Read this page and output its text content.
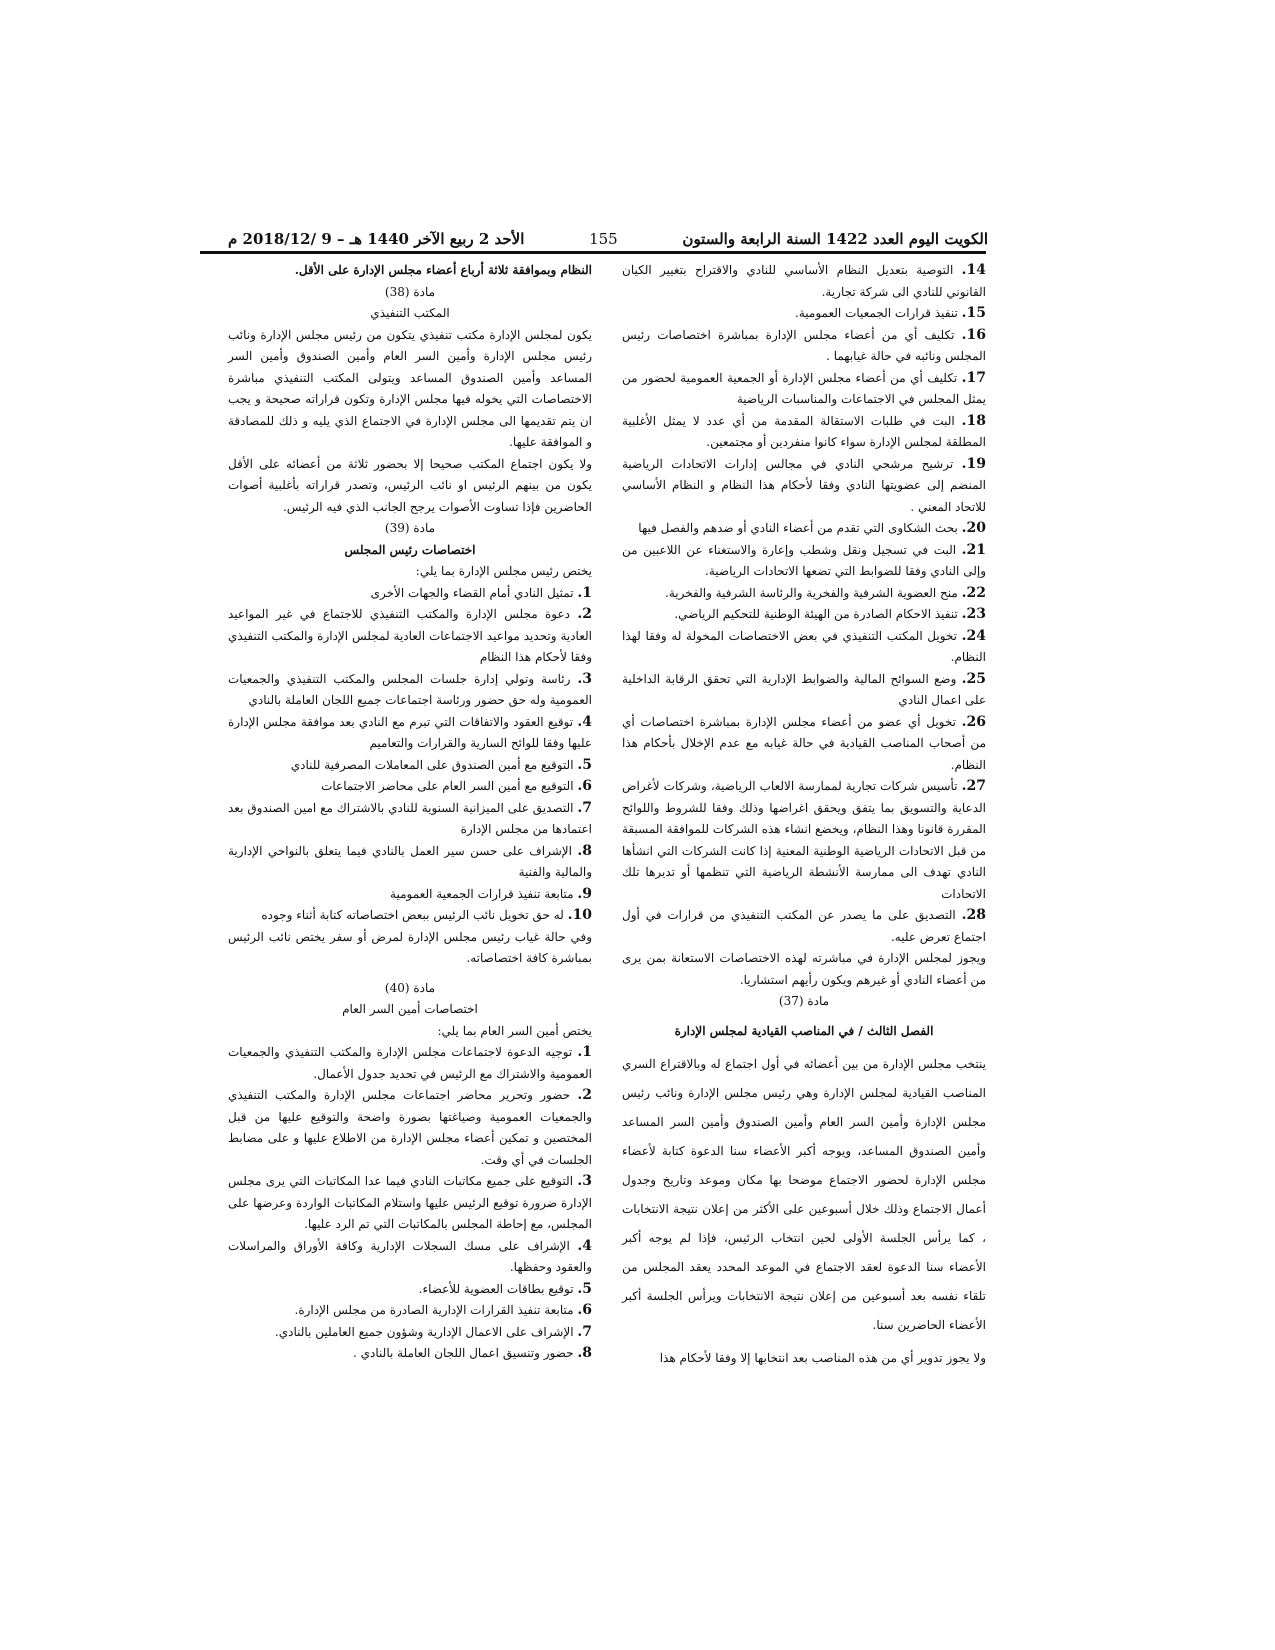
الكويت اليوم العدد 1422 السنة الرابعة والستون
155
الأحد 2 ربيع الآخر 1440 هـ – 9 /2018/12 م

14. التوصية بتعديل النظام الأساسي للنادي والاقتراح بتغيير الكيان القانوني للنادي الى شركة تجارية.

15. تنفيذ قرارات الجمعيات العمومية.

16. تكليف أي من أعضاء مجلس الإدارة بمباشرة اختصاصات رئيس المجلس ونائبه في حالة غيابهما .

17. تكليف أي من أعضاء مجلس الإدارة أو الجمعية العمومية لحضور من يمثل المجلس في الاجتماعات والمناسبات الرياضية

18. البت في طلبات الاستقالة المقدمة من أي عدد لا يمثل الأغلبية المطلقة لمجلس الإدارة سواء كانوا منفردين أو مجتمعين.

19. ترشيح مرشحي النادي في مجالس إدارات الاتحادات الرياضية المنضم إلى عضويتها النادي وفقا لأحكام هذا النظام و النظام الأساسي للاتحاد المعني .

20. بحث الشكاوى التي تقدم من أعضاء النادي أو ضدهم والفصل فيها

21. البت في تسجيل ونقل وشطب وإعارة والاستغناء عن اللاعبين من وإلى النادي وفقا للضوابط التي تضعها الاتحادات الرياضية.

22. منح العضوية الشرفية والفخرية والرئاسة الشرفية والفخرية.

23. تنفيذ الاحكام الصادرة من الهيئة الوطنية للتحكيم الرياضي.

24. تخويل المكتب التنفيذي في بعض الاختصاصات المخولة له وفقا لهذا النظام.

25. وضع السوائح المالية والضوابط الإدارية التي تحقق الرقابة الداخلية على اعمال النادي

26. تخويل أي عضو من أعضاء مجلس الإدارة بمباشرة اختصاصات أي من أصحاب المناصب القيادية في حالة غيابه مع عدم الإخلال بأحكام هذا النظام.

27. تأسيس شركات تجارية لممارسة الالعاب الرياضية، وشركات لأغراض الدعاية والتسويق بما يتفق ويحقق اغراضها وذلك وفقا للشروط واللوائح المقررة قانونا وهذا النظام، ويخضع انشاء هذه الشركات للموافقة المسبقة من قبل الاتحادات الرياضية الوطنية المعنية إذا كانت الشركات التي انشأها النادي تهدف الى ممارسة الأنشطة الرياضية التي تنظمها أو تديرها تلك الاتحادات

28. التصديق على ما يصدر عن المكتب التنفيذي من قرارات في أول اجتماع تعرض عليه.

ويجوز لمجلس الإدارة في مباشرته لهذه الاختصاصات الاستعانة بمن يرى من أعضاء النادي أو غيرهم ويكون رأيهم استشاريا.

مادة (37)

الفصل الثالث / في المناصب القيادية لمجلس الإدارة

ينتخب مجلس الإدارة من بين أعضائه في أول اجتماع له وبالاقتراع السري المناصب القيادية لمجلس الإدارة وهي رئيس مجلس الإدارة ونائب رئيس مجلس الإدارة وأمين السر العام وأمين الصندوق وأمين السر المساعد وأمين الصندوق المساعد، ويوجه أكبر الأعضاء سنا الدعوة كتابة لأعضاء مجلس الإدارة لحضور الاجتماع موضحا بها مكان وموعد وتاريخ وجدول أعمال الاجتماع وذلك خلال أسبوعين على الأكثر من إعلان نتيجة الانتخابات ، كما يرأس الجلسة الأولى لحين انتخاب الرئيس، فإذا لم يوجه أكبر الأعضاء سنا الدعوة لعقد الاجتماع في الموعد المحدد يعقد المجلس من تلقاء نفسه بعد أسبوعين من إعلان نتيجة الانتخابات ويرأس الجلسة أكبر الأعضاء الحاضرين سنا.

ولا يجوز تدوير أي من هذه المناصب بعد انتخابها إلا وفقا لأحكام هذا

النظام وبموافقة ثلاثة أرباع أعضاء مجلس الإدارة على الأقل.

مادة (38)

المكتب التنفيذي

يكون لمجلس الإدارة مكتب تنفيذي يتكون من رئيس مجلس الإدارة ونائب رئيس مجلس الإدارة وأمين السر العام وأمين الصندوق وأمين السر المساعد وأمين الصندوق المساعد ويتولى المكتب التنفيذي مباشرة الاختصاصات التي يخوله فيها مجلس الإدارة وتكون قراراته صحيحة و يجب ان يتم تقديمها الى مجلس الإدارة في الاجتماع الذي يليه و ذلك للمصادقة و الموافقة عليها.

ولا يكون اجتماع المكتب صحيحا إلا بحضور ثلاثة من أعضائه على الأقل يكون من بينهم الرئيس او نائب الرئيس، وتصدر قراراته بأغلبية أصوات الحاضرين فإذا تساوت الأصوات يرجح الجانب الذي فيه الرئيس.

مادة (39)

اختصاصات رئيس المجلس

يختص رئيس مجلس الإدارة بما يلي:

1. تمثيل النادي أمام القضاء والجهات الأخرى

2. دعوة مجلس الإدارة والمكتب التنفيذي للاجتماع في غير المواعيد العادية وتحديد مواعيد الاجتماعات العادية لمجلس الإدارة والمكتب التنفيذي وفقا لأحكام هذا النظام

3. رئاسة وتولي إدارة جلسات المجلس والمكتب التنفيذي والجمعيات العمومية وله حق حضور ورئاسة اجتماعات جميع اللجان العاملة بالنادي

4. توقيع العقود والاتفاقات التي تبرم مع النادي بعد موافقة مجلس الإدارة عليها وفقا للوائح السارية والقرارات والتعاميم

5. التوقيع مع أمين الصندوق على المعاملات المصرفية للنادي

6. التوقيع مع أمين السر العام على محاضر الاجتماعات

7. التصديق على الميزانية السنوية للنادي بالاشتراك مع امين الصندوق بعد اعتمادها من مجلس الإدارة

8. الإشراف على حسن سير العمل بالنادي فيما يتعلق بالنواحي الإدارية والمالية والفنية

9. متابعة تنفيذ قرارات الجمعية العمومية

10. له حق تخويل نائب الرئيس ببعض اختصاصاته كتابة أثناء وجوده

وفي حالة غياب رئيس مجلس الإدارة لمرض أو سفر يختص نائب الرئيس بمباشرة كافة اختصاصاته.

مادة (40)

اختصاصات أمين السر العام

يختص أمين السر العام بما يلي:

1. توجيه الدعوة لاجتماعات مجلس الإدارة والمكتب التنفيذي والجمعيات العمومية والاشتراك مع الرئيس في تحديد جدول الأعمال.

2. حضور وتحرير محاضر اجتماعات مجلس الإدارة والمكتب التنفيذي والجمعيات العمومية وصياغتها بصورة واضحة والتوقيع عليها من قبل المختصين و تمكين أعضاء مجلس الإدارة من الاطلاع عليها و على مضابط الجلسات في أي وقت.

3. التوقيع على جميع مكاتبات النادي فيما عدا المكاتبات التي يرى مجلس الإدارة ضرورة توقيع الرئيس عليها واستلام المكاتبات الواردة وعرضها على المجلس، مع إحاطة المجلس بالمكاتبات التي تم الرد عليها.

4. الإشراف على مسك السجلات الإدارية وكافة الأوراق والمراسلات والعقود وحفظها.

5. توقيع بطاقات العضوية للأعضاء.

6. متابعة تنفيذ القرارات الإدارية الصادرة من مجلس الإدارة.

7. الإشراف على الاعمال الإدارية وشؤون جميع العاملين بالنادي.

8. حضور وتنسيق اعمال اللجان العاملة بالنادي .
